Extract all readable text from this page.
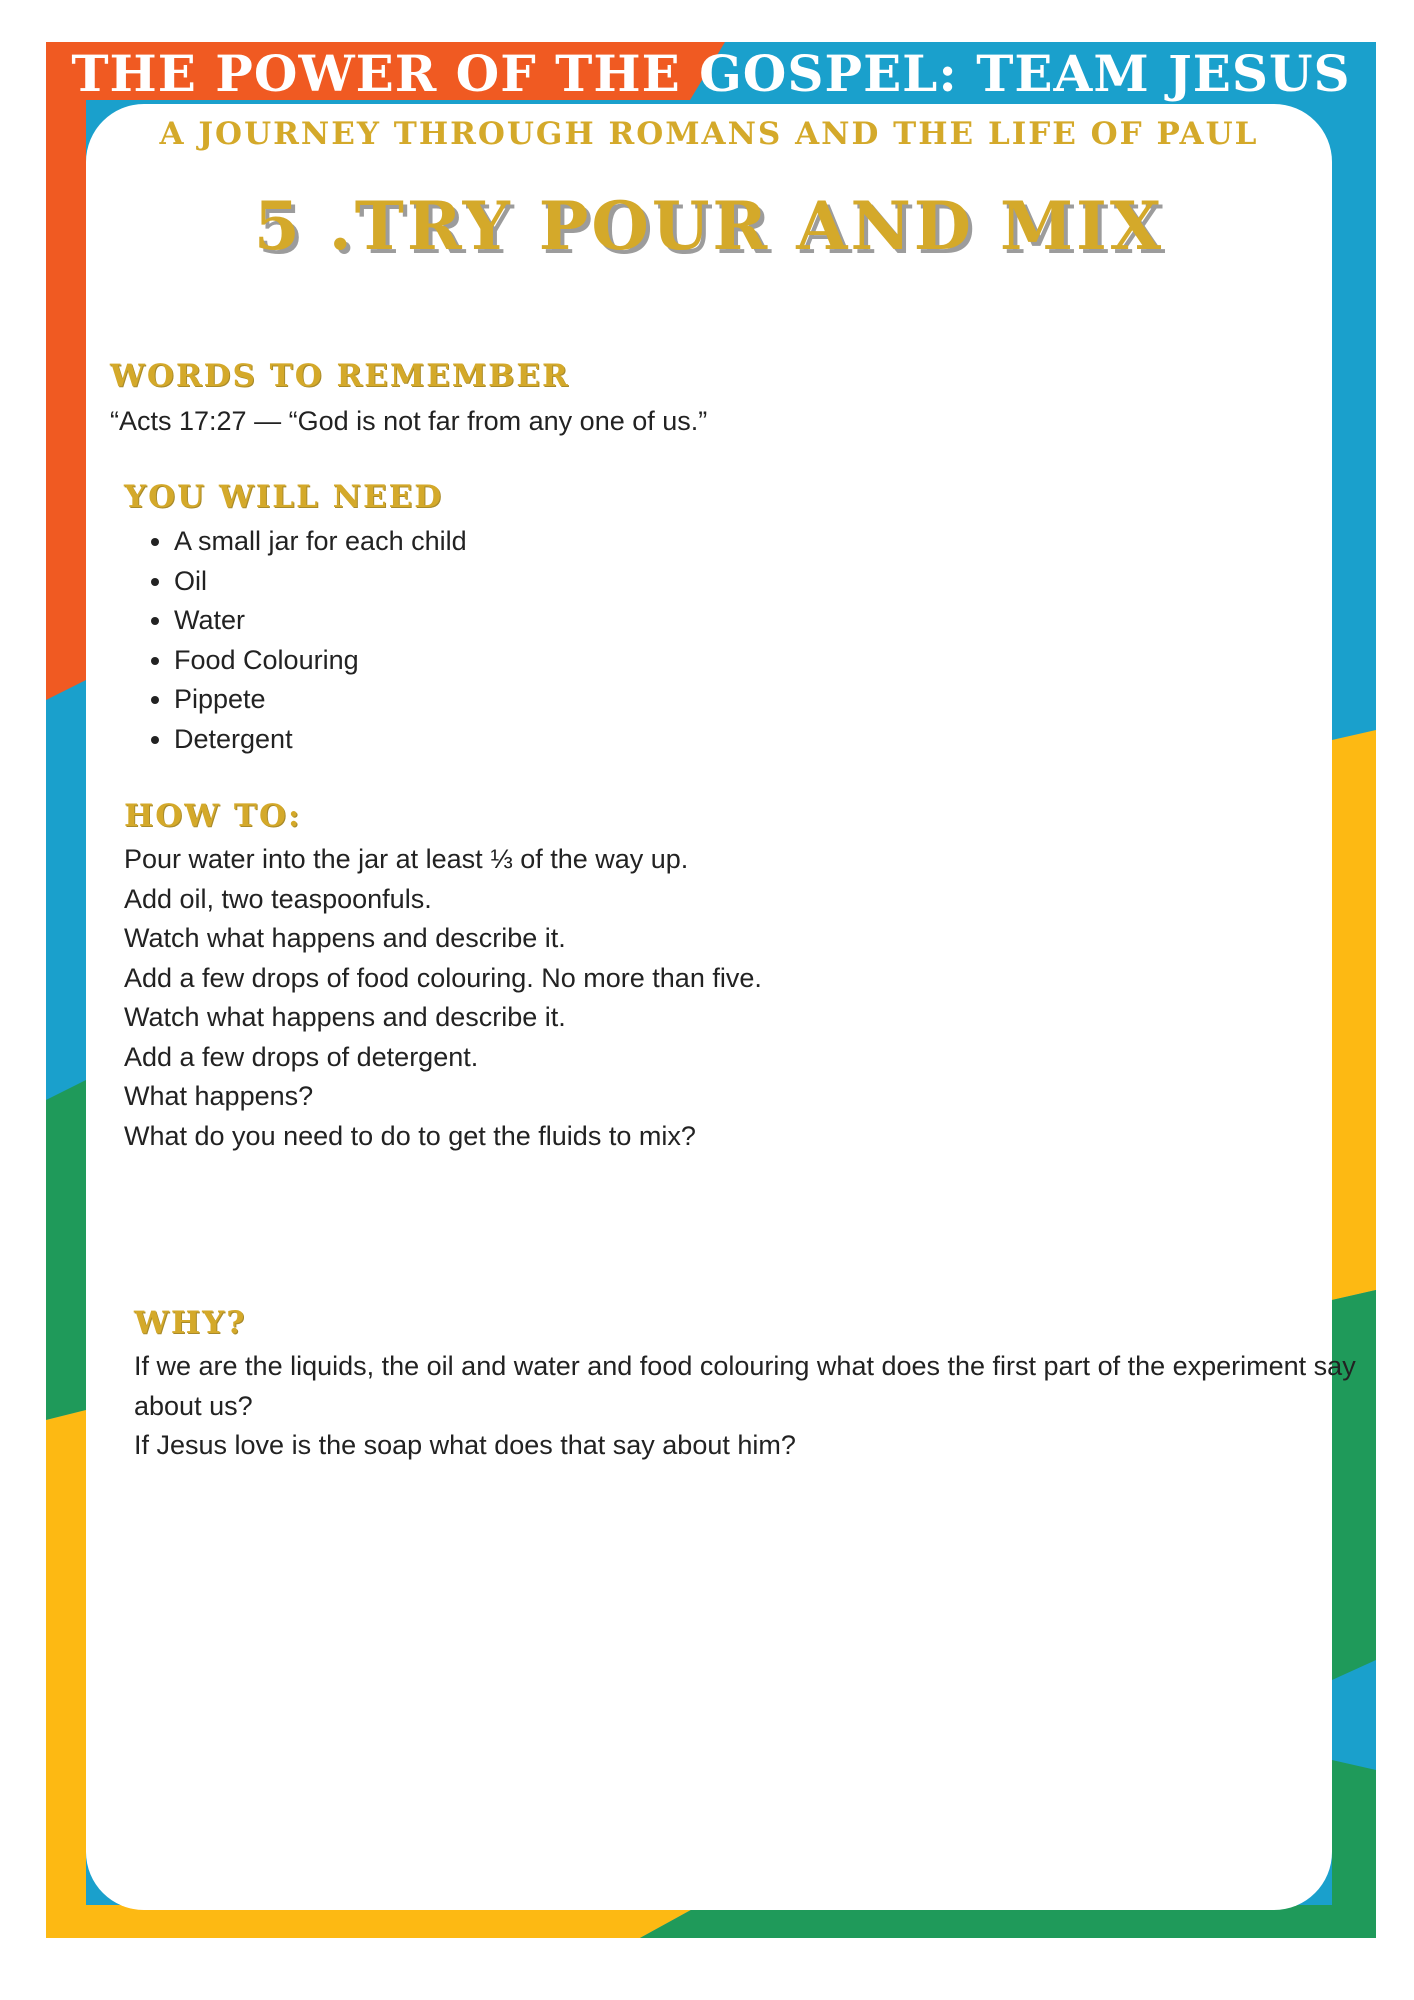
THE POWER OF THE GOSPEL: TEAM JESUS
A JOURNEY THROUGH ROMANS AND THE LIFE OF PAUL
5 .TRY POUR AND MIX
WORDS TO REMEMBER

“Acts 17:27 — “God is not far from any one of us.”

YOU WILL NEED
• A small jar for each child
• Oil
• Water
• Food Colouring
• Pippete
• Detergent
HOW TO:
Pour water into the jar at least ⅓ of the way up.
Add oil, two teaspoonfuls.
Watch what happens and describe it.
Add a few drops of food colouring. No more than five.
Watch what happens and describe it.
Add a few drops of detergent.
What happens?
What do you need to do to get the fluids to mix?
WHY?
If we are the liquids, the oil and water and food colouring what does the first part of the experiment say about us?
If Jesus love is the soap what does that say about him?
